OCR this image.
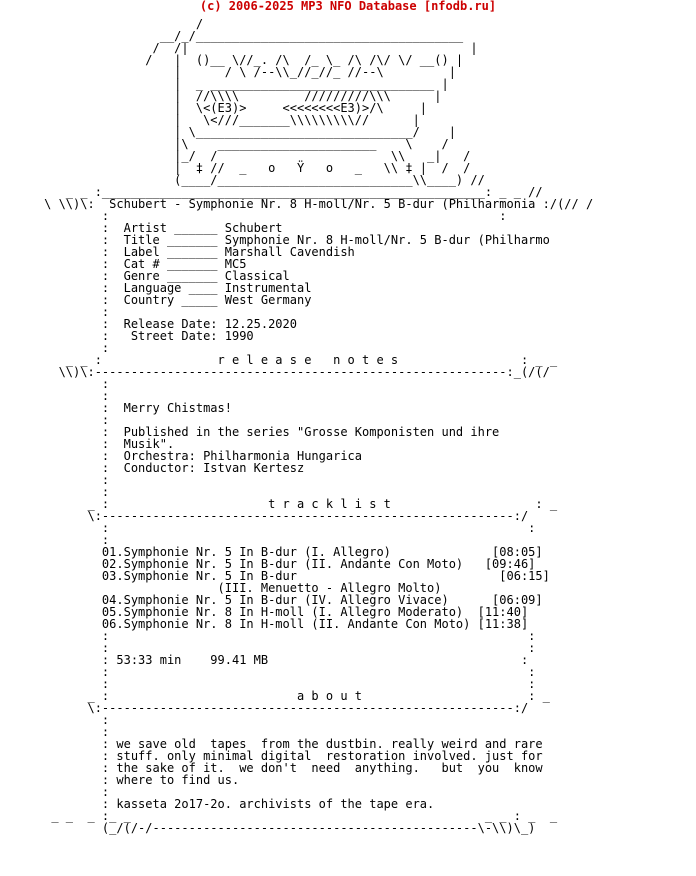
(c) 2006-2025 MP3 NFO Database [nfodb.ru]
/
__/_/_____________________________________
/  /|                                       |
/   |  ()__ \//_. /\  /_ \_ /\ /\/ \/ __() |
|      / \ /--\\_//_//_ //--\         |
|  _ _______________________________ |
|  //\\\\         /////////\\\      |
|  \<(E3)>     <<<<<<<<E3)>/\     |
|   \<///_______\\\\\\\\\//      |
| \______________________________/    |
|\    ______________________    \    /
|_/  /                        \\   _|   /
|  ‡ //  _   o   Ÿ   o   _   \\ ‡ |  /  /
(____/___________________________\\____) //
_ _ :_____________________________________________________: _ _ //
\ \\)\:  Schubert - Symphonie Nr. 8 H-moll/Nr. 5 B-dur (Philharmonia :/(// /
:                                                      :
:  Artist ______ Schubert
:  Title _______ Symphonie Nr. 8 H-moll/Nr. 5 B-dur (Philharmo
:  Label _______ Marshall Cavendish
:  Cat # _______ MC5
:  Genre _______ Classical
:  Language ____ Instrumental
:  Country _____ West Germany
:
:  Release Date: 12.25.2020
:   Street Date: 1990
:
_ _ :                r e l e a s e   n o t e s                 : _ _
\\)\:---------------------------------------------------------:_(/(/
:
:
:  Merry Chistmas!
:
:  Published in the series "Grosse Komponisten und ihre
:  Musik".
:  Orchestra: Philharmonia Hungarica
:  Conductor: Istvan Kertesz
:
:
_ :                      t r a c k l i s t                    : _
\:---------------------------------------------------------:/
:                                                          :
:
01.Symphonie Nr. 5 In B-dur (I. Allegro)              [08:05]
02.Symphonie Nr. 5 In B-dur (II. Andante Con Moto)   [09:46]
03.Symphonie Nr. 5 In B-dur                            [06:15]
(III. Menuetto - Allegro Molto)
04.Symphonie Nr. 5 In B-dur (IV. Allegro Vivace)      [06:09]
05.Symphonie Nr. 8 In H-moll (I. Allegro Moderato)  [11:40]
06.Symphonie Nr. 8 In H-moll (II. Andante Con Moto) [11:38]
:                                                          :
:                                                          :
: 53:33 min    99.41 MB                                   :
:                                                          :
:                                                          :
_ :                          a b o u t                       : _
\:---------------------------------------------------------:/
:
:
: we save old  tapes  from the dustbin. really weird and rare
: stuff. only minimal digital  restoration involved. just for
: the sake of it.  we don't  need  anything.   but  you  know
: where to find us.
:
: kasseta 2o17-2o. archivists of the tape era.
_ _  _ :_ _                                                 _ _ : _  _
(_/(/-/---------------------------------------------\-\\)\_)
